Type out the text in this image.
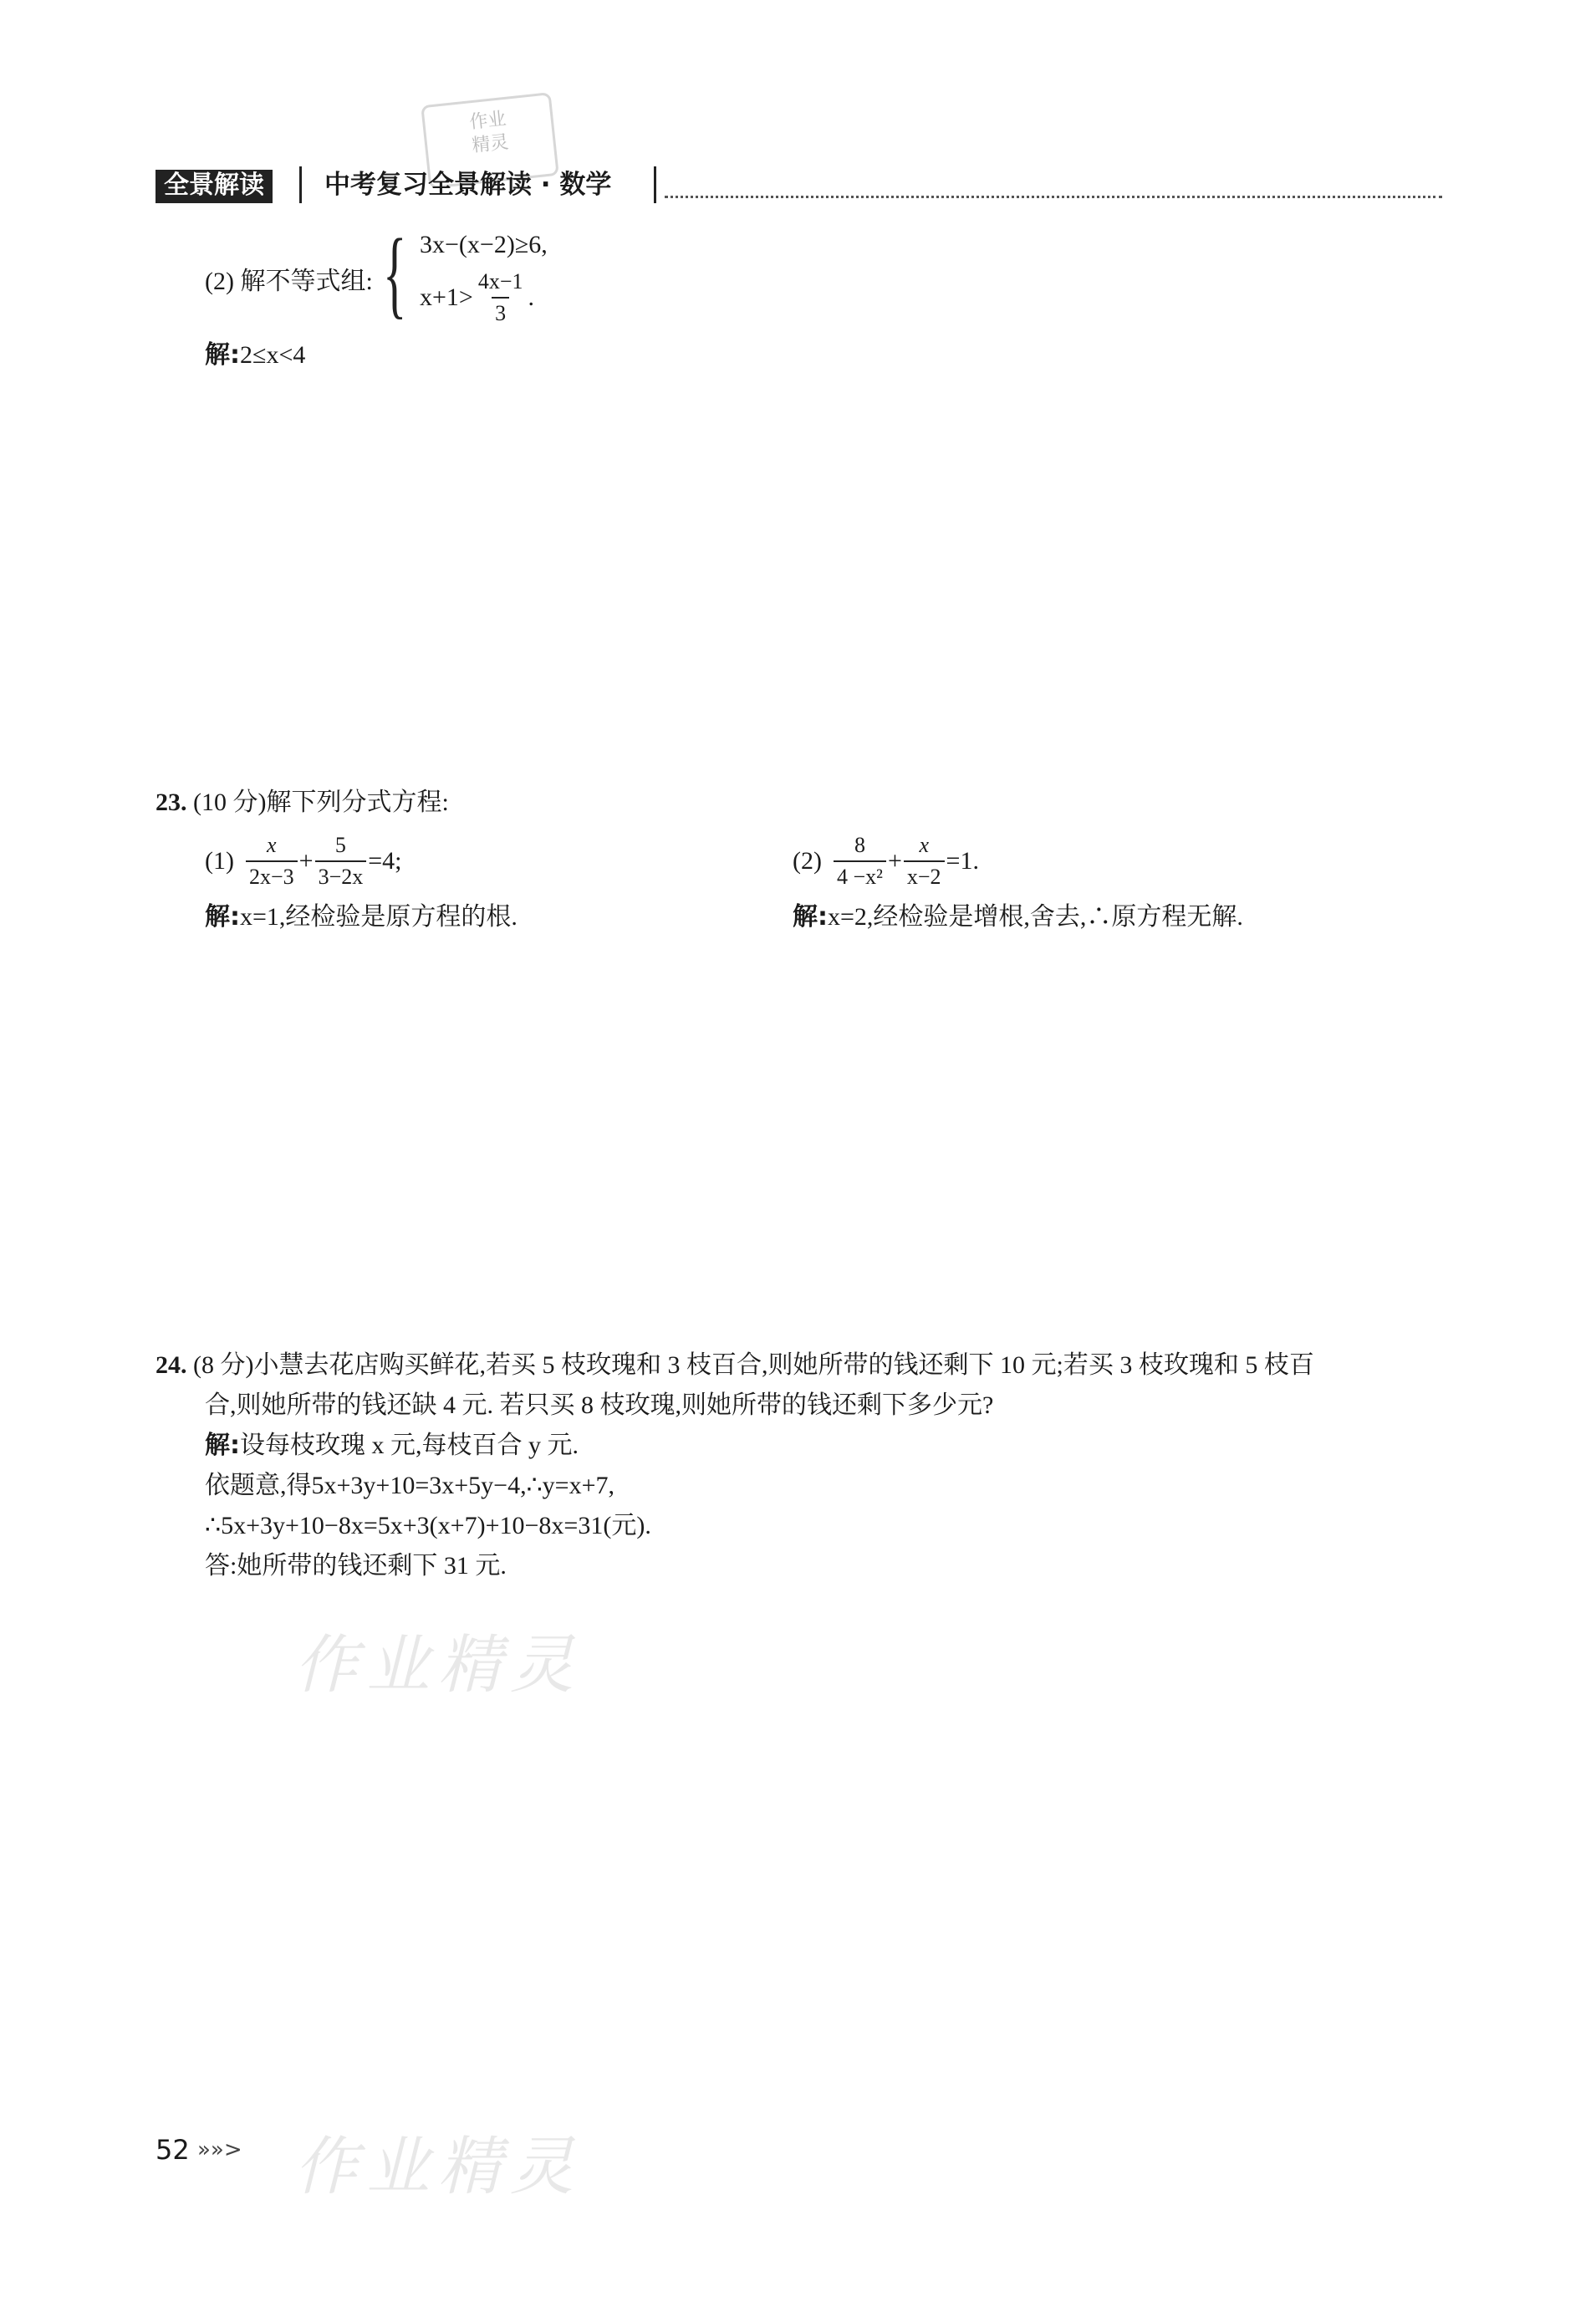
作业
精灵
全景解读	中考复习全景解读 · 数学
(2) 解不等式组: { 3x−(x−2)≥6,
$x+1> \frac{4x-1}{3}$ .
解:2≤x<4
23. (10 分)解下列分式方程:
$(1) \frac{x}{2x-3} + \frac{5}{3-2x} =4$;
解:x=1,经检验是原方程的根.
$(2) \frac{8}{\text{4 −x²}} + \frac{x}{x-2} =1$.
解:x=2,经检验是增根,舍去,∴原方程无解.
24. (8 分)小慧去花店购买鲜花,若买 5 枝玫瑰和 3 枝百合,则她所带的钱还剩下 10 元;若买 3 枝玫瑰和 5 枝百
合,则她所带的钱还缺 4 元. 若只买 8 枝玫瑰,则她所带的钱还剩下多少元?
解:设每枝玫瑰 x 元,每枝百合 y 元.
依题意,得5x+3y+10=3x+5y−4,∴y=x+7,
∴5x+3y+10−8x=5x+3(x+7)+10−8x=31(元).
答:她所带的钱还剩下 31 元.
作业精灵
52 »»> 作业精灵
